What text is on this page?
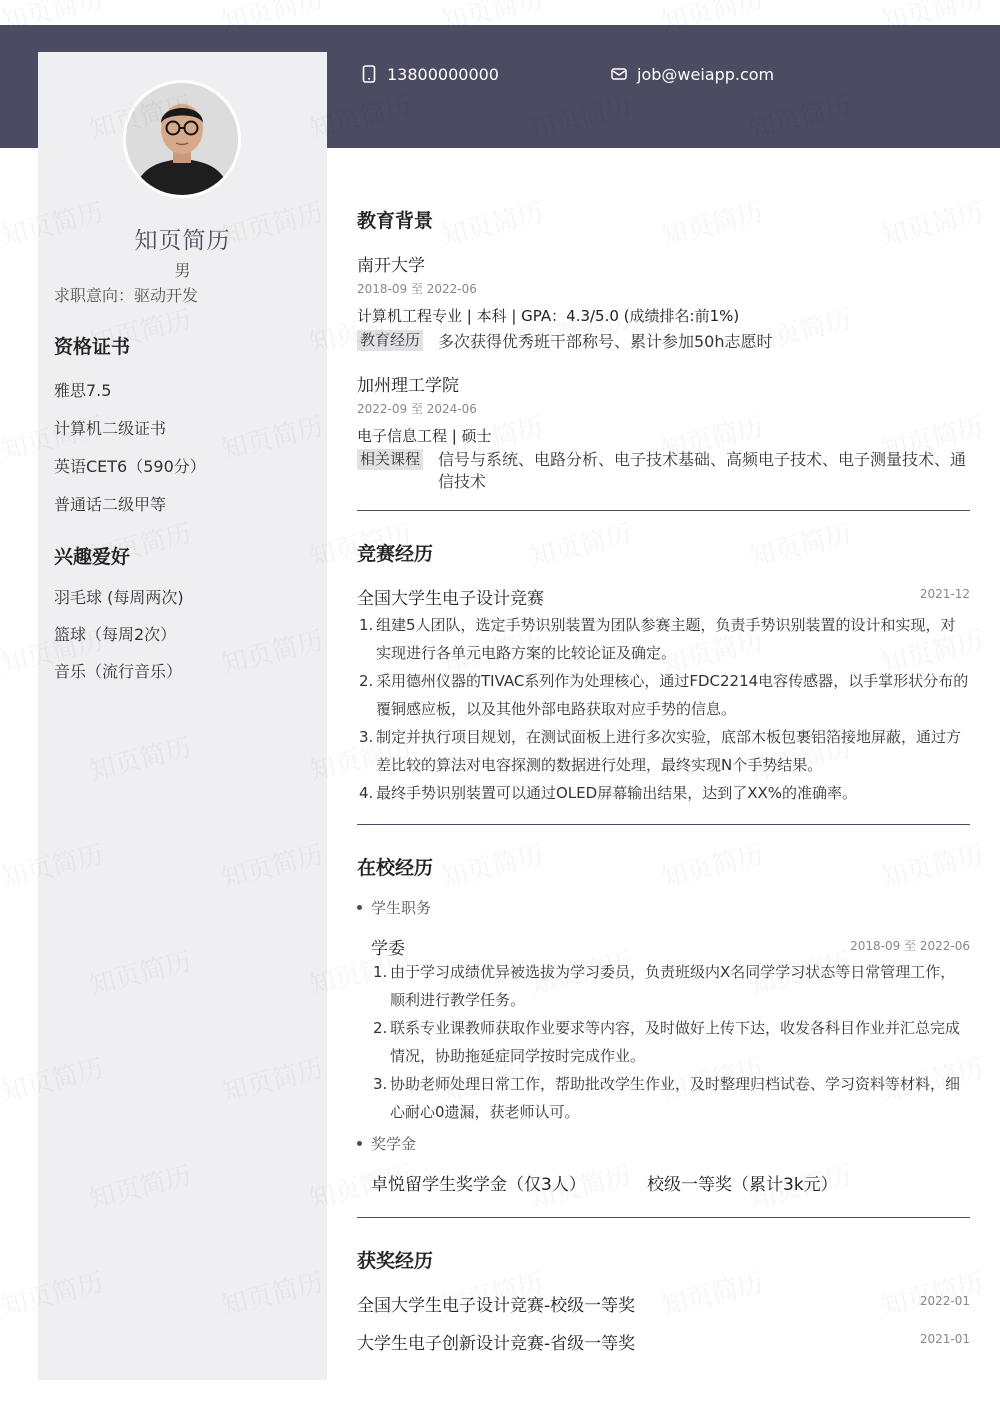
13800000000	job@weiapp.com
知页简历
男
求职意向：驱动开发
资格证书
雅思7.5
计算机二级证书
英语CET6（590分）
普通话二级甲等
兴趣爱好
羽毛球 (每周两次)
篮球（每周2次）
音乐（流行音乐）
教育背景
南开大学
2018-09 至 2022-06
计算机工程专业 | 本科 | GPA：4.3/5.0 (成绩排名:前1%)
教育经历 多次获得优秀班干部称号、累计参加50h志愿时
加州理工学院
2022-09 至 2024-06
电子信息工程 | 硕士
相关课程 信号与系统、电路分析、电子技术基础、高频电子技术、电子测量技术、通信技术
竞赛经历
全国大学生电子设计竞赛	2021-12
1. 组建5人团队，选定手势识别装置为团队参赛主题，负责手势识别装置的设计和实现，对实现进行各单元电路方案的比较论证及确定。
2. 采用德州仪器的TIVAC系列作为处理核心，通过FDC2214电容传感器，以手掌形状分布的覆铜感应板，以及其他外部电路获取对应手势的信息。
3. 制定并执行项目规划，在测试面板上进行多次实验，底部木板包裹铝箔接地屏蔽，通过方差比较的算法对电容探测的数据进行处理，最终实现N个手势结果。
4. 最终手势识别装置可以通过OLED屏幕输出结果，达到了XX%的准确率。
在校经历
学生职务
学委	2018-09 至 2022-06
1. 由于学习成绩优异被选拔为学习委员，负责班级内X名同学学习状态等日常管理工作，顺利进行教学任务。
2. 联系专业课教师获取作业要求等内容，及时做好上传下达，收发各科目作业并汇总完成情况，协助拖延症同学按时完成作业。
3. 协助老师处理日常工作，帮助批改学生作业，及时整理归档试卷、学习资料等材料，细心耐心0遗漏，获老师认可。
奖学金
卓悦留学生奖学金（仅3人）	校级一等奖（累计3k元）
获奖经历
全国大学生电子设计竞赛-校级一等奖	2022-01
大学生电子创新设计竞赛-省级一等奖	2021-01
